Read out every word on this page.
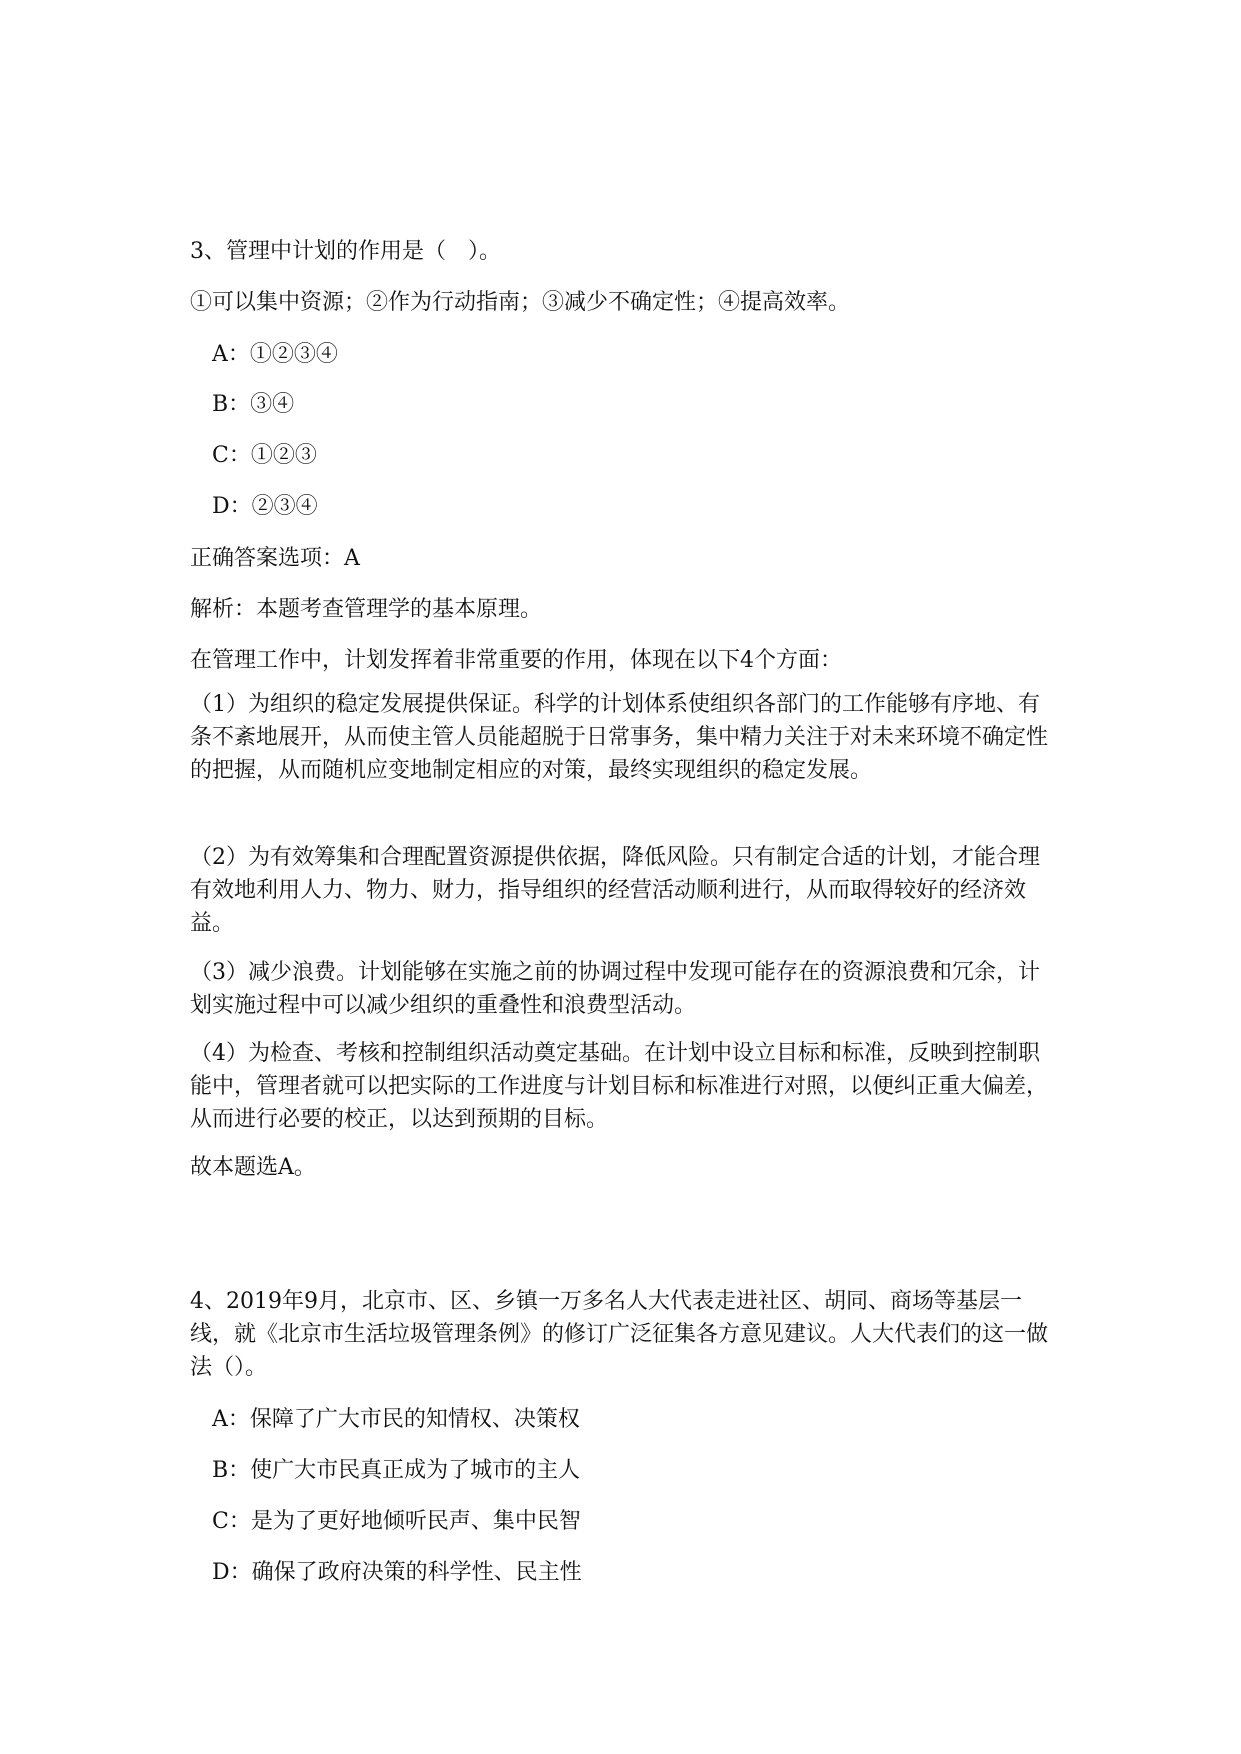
3、管理中计划的作用是（　）。
①可以集中资源；②作为行动指南；③减少不确定性；④提高效率。
A：①②③④
B：③④
C：①②③
D：②③④
正确答案选项：A
解析：本题考查管理学的基本原理。
在管理工作中，计划发挥着非常重要的作用，体现在以下4个方面：
（1）为组织的稳定发展提供保证。科学的计划体系使组织各部门的工作能够有序地、有条不紊地展开，从而使主管人员能超脱于日常事务，集中精力关注于对未来环境不确定性的把握，从而随机应变地制定相应的对策，最终实现组织的稳定发展。
（2）为有效筹集和合理配置资源提供依据，降低风险。只有制定合适的计划，才能合理有效地利用人力、物力、财力，指导组织的经营活动顺利进行，从而取得较好的经济效益。
（3）减少浪费。计划能够在实施之前的协调过程中发现可能存在的资源浪费和冗余，计划实施过程中可以减少组织的重叠性和浪费型活动。
（4）为检查、考核和控制组织活动奠定基础。在计划中设立目标和标准，反映到控制职能中，管理者就可以把实际的工作进度与计划目标和标准进行对照，以便纠正重大偏差，从而进行必要的校正，以达到预期的目标。
故本题选A。
4、2019年9月，北京市、区、乡镇一万多名人大代表走进社区、胡同、商场等基层一线，就《北京市生活垃圾管理条例》的修订广泛征集各方意见建议。人大代表们的这一做法（）。
A：保障了广大市民的知情权、决策权
B：使广大市民真正成为了城市的主人
C：是为了更好地倾听民声、集中民智
D：确保了政府决策的科学性、民主性
